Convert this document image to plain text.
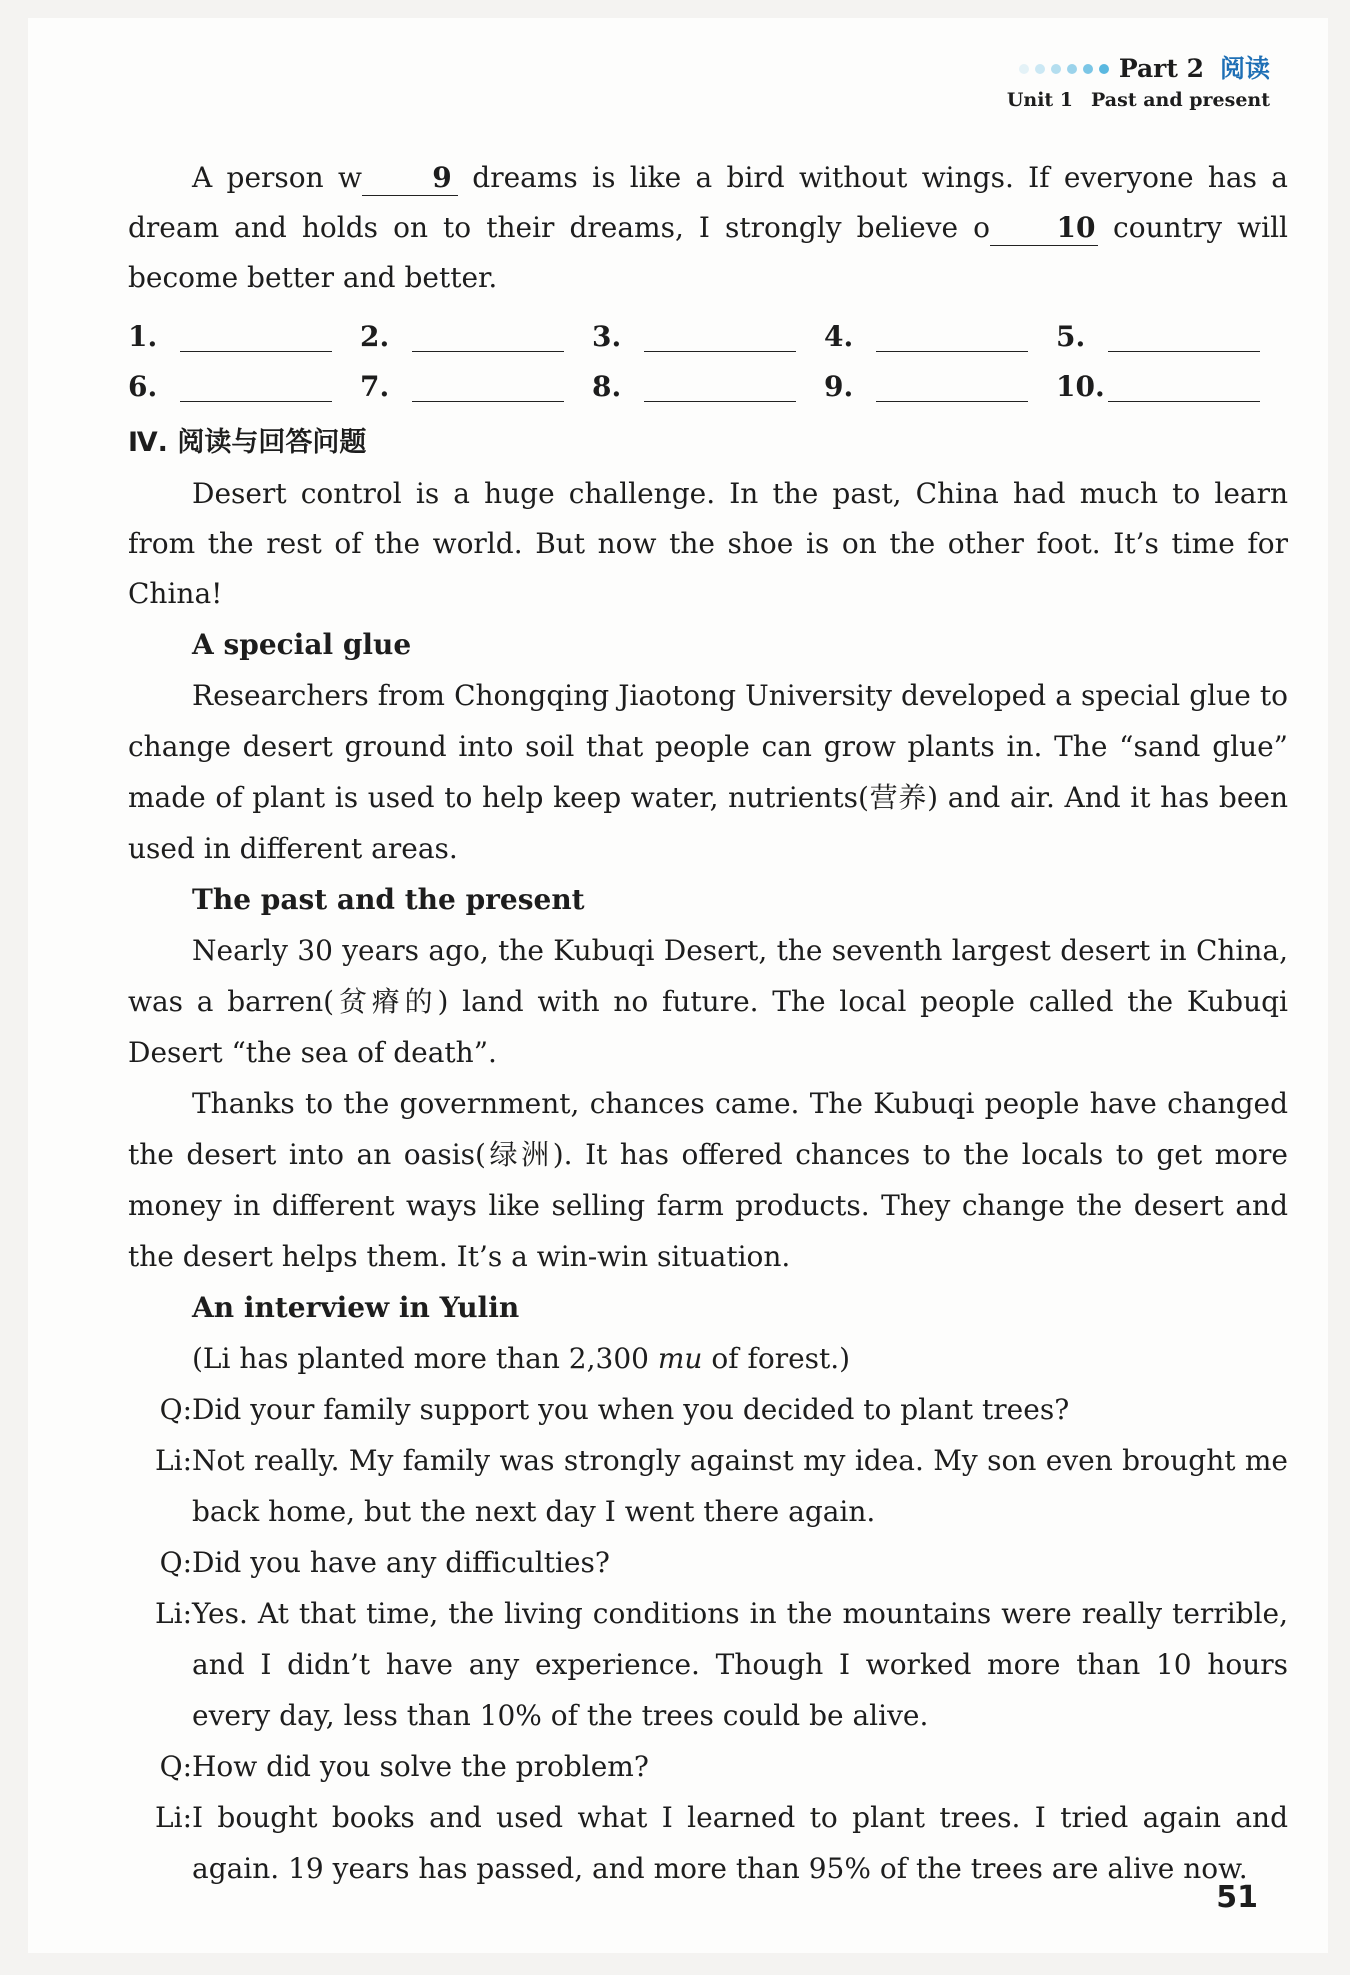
Part 2 阅读
Unit 1 Past and present

A person w	9 dreams is like a bird without wings. If everyone has a dream and holds on to their dreams, I strongly believe o 10 country will become better and better.

1.	2.	3.	4.	5.
6.	7.	8.	9.	10.
Ⅳ. 阅读与回答问题

Desert control is a huge challenge. In the past, China had much to learn from the rest of the world. But now the shoe is on the other foot. It’s time for China!

A special glue

Researchers from Chongqing Jiaotong University developed a special glue to change desert ground into soil that people can grow plants in. The “sand glue” made of plant is used to help keep water, nutrients(营养) and air. And it has been used in different areas.

The past and the present

Nearly 30 years ago, the Kubuqi Desert, the seventh largest desert in China, was a barren(贫瘠的) land with no future. The local people called the Kubuqi Desert “the sea of death”.

Thanks to the government, chances came. The Kubuqi people have changed the desert into an oasis(绿洲). It has offered chances to the locals to get more money in different ways like selling farm products. They change the desert and the desert helps them. It’s a win-win situation.

An interview in Yulin
(Li has planted more than 2,300 mu of forest.)
Q: Did your family support you when you decided to plant trees?
Li: Not really. My family was strongly against my idea. My son even brought me back home, but the next day I went there again.
Q: Did you have any difficulties?
Li: Yes. At that time, the living conditions in the mountains were really terrible, and I didn’t have any experience. Though I worked more than 10 hours every day, less than 10% of the trees could be alive.
Q: How did you solve the problem?
Li: I bought books and used what I learned to plant trees. I tried again and again. 19 years has passed, and more than 95% of the trees are alive now.
51
